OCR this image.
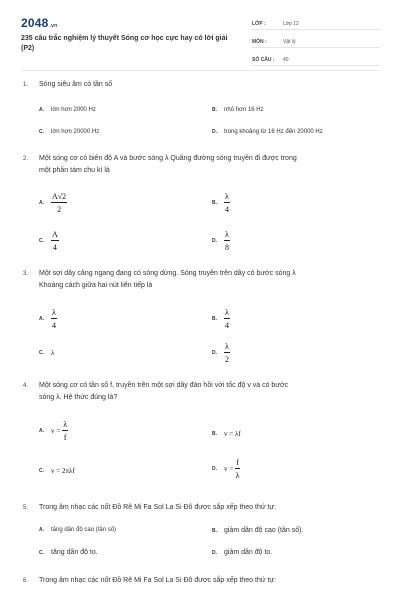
2048.vn
235 câu trắc nghiệm lý thuyết Sóng cơ học cực hay có lời giải (P2)
LỚP :	Lớp 12
MÔN :	Vật lý
SỐ CÂU :	40
1. Sóng siêu âm có tần số
A. lớn hơn 2000 Hz	B. nhỏ hơn 16 Hz
C. lớn hơn 20000 Hz	D. trong khoảng từ 16 Hz đến 20000 Hz
2. Một sóng cơ có biên độ A và bước sóng λ Quãng đường sóng truyền đi được trong
một phần tám chu kì là
A. $\frac{A√2}{2}$	B. $\frac{\lambda}{4}$
C. $\frac{A}{4}$	D. $\frac{\lambda}{8}$
3. Một sợi dây căng ngang đang có sóng dừng. Sóng truyền trên dây có bước sóng λ
Khoảng cách giữa hai nút liên tiếp là
A. $\frac{\lambda}{4}$	B. $\frac{\lambda}{4}$
C. λ	D. $\frac{\lambda}{2}$
4. Một sóng cơ có tần số f, truyền trên một sợi dây đàn hồi với tốc độ v và có bước
sóng λ. Hệ thức đúng là?
A. $v = \frac{\lambda}{f}$	B. v = λf
C. v = 2πλf	D. $v = \frac{f}{\lambda}$
5. Trong âm nhạc các nốt Đồ Rê Mi Fa Sol La Si Đô được sắp xếp theo thứ tự:
A. tăng dần độ cao (tần số)	B. giảm dần độ cao (tần số).
C. tăng dần độ to.	D. giảm dần độ to.
6. Trong âm nhạc các nốt Đồ Rê Mi Fa Sol La Si Đô được sắp xếp theo thứ tự:
